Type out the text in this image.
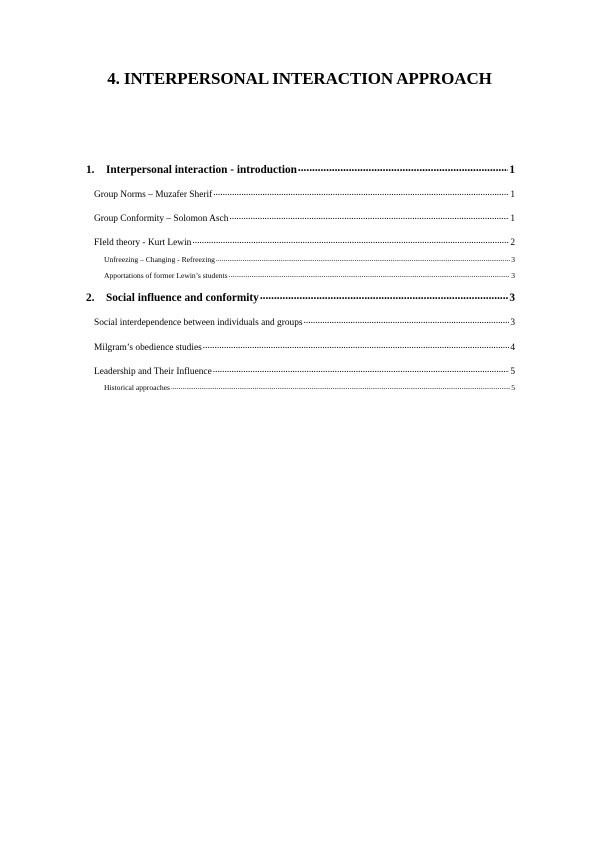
4. INTERPERSONAL INTERACTION APPROACH
1.	Interpersonal interaction - introduction .....	1
Group Norms – Muzafer Sherif .....	1
Group Conformity – Solomon Asch .....	1
FIeld theory - Kurt Lewin .....	2
Unfreezing – Changing - Refreezing .....	3
Apportations of former Lewin’s students .....	3
2.	Social influence and conformity .....	3
Social interdependence between individuals and groups .....	3
Milgram’s obedience studies .....	4
Leadership and Their Influence .....	5
Historical approaches .....	5
